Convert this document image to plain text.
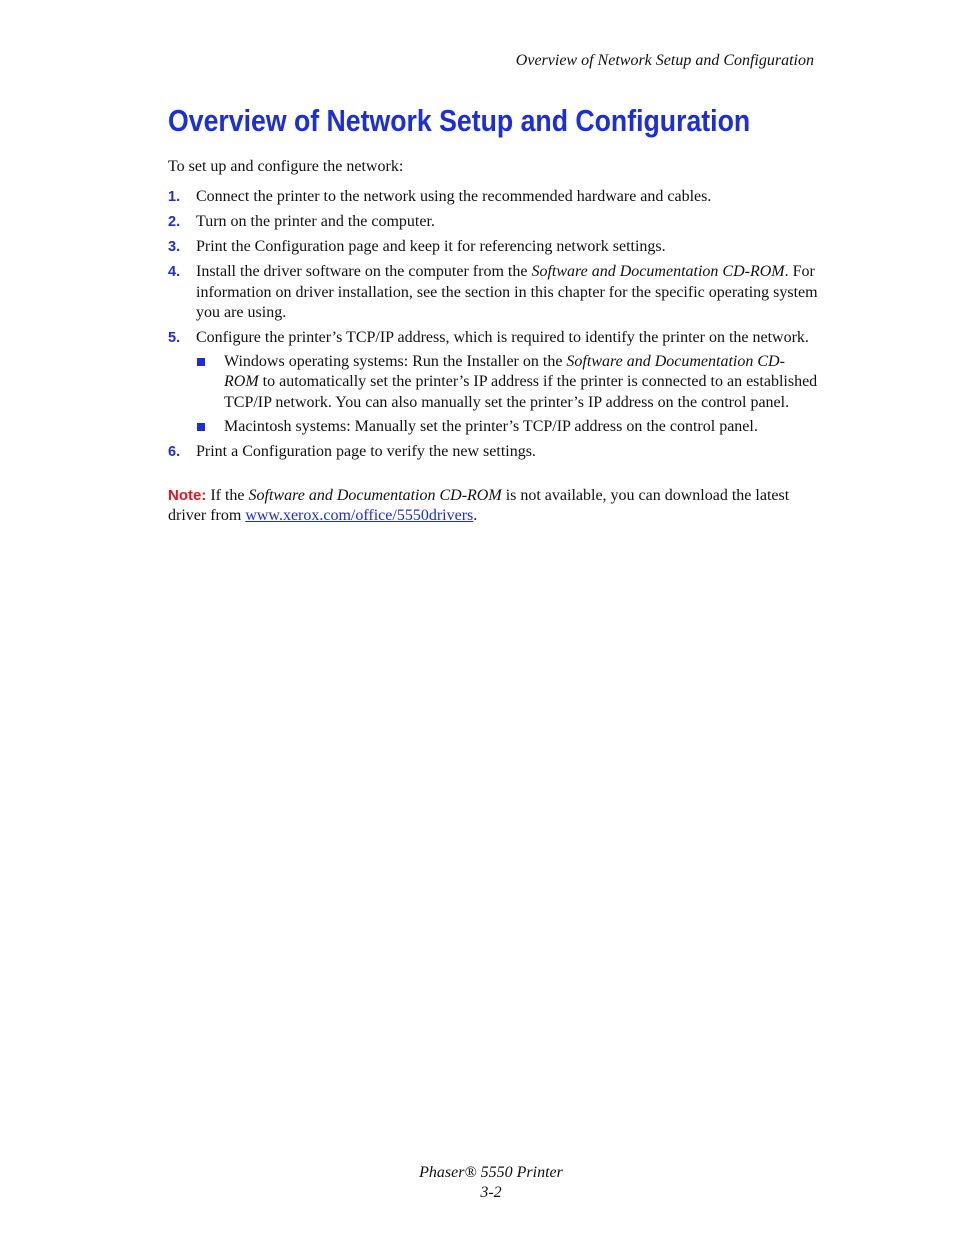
Overview of Network Setup and Configuration
Overview of Network Setup and Configuration

To set up and configure the network:

1. Connect the printer to the network using the recommended hardware and cables.
2. Turn on the printer and the computer.
3. Print the Configuration page and keep it for referencing network settings.
4. Install the driver software on the computer from the Software and Documentation CD-ROM. For information on driver installation, see the section in this chapter for the specific operating system you are using.
5. Configure the printer’s TCP/IP address, which is required to identify the printer on the network.
Windows operating systems: Run the Installer on the Software and Documentation CD-ROM to automatically set the printer’s IP address if the printer is connected to an established TCP/IP network. You can also manually set the printer’s IP address on the control panel.
Macintosh systems: Manually set the printer’s TCP/IP address on the control panel.
6. Print a Configuration page to verify the new settings.

Note: If the Software and Documentation CD-ROM is not available, you can download the latest driver from www.xerox.com/office/5550drivers.

Phaser® 5550 Printer
3-2
